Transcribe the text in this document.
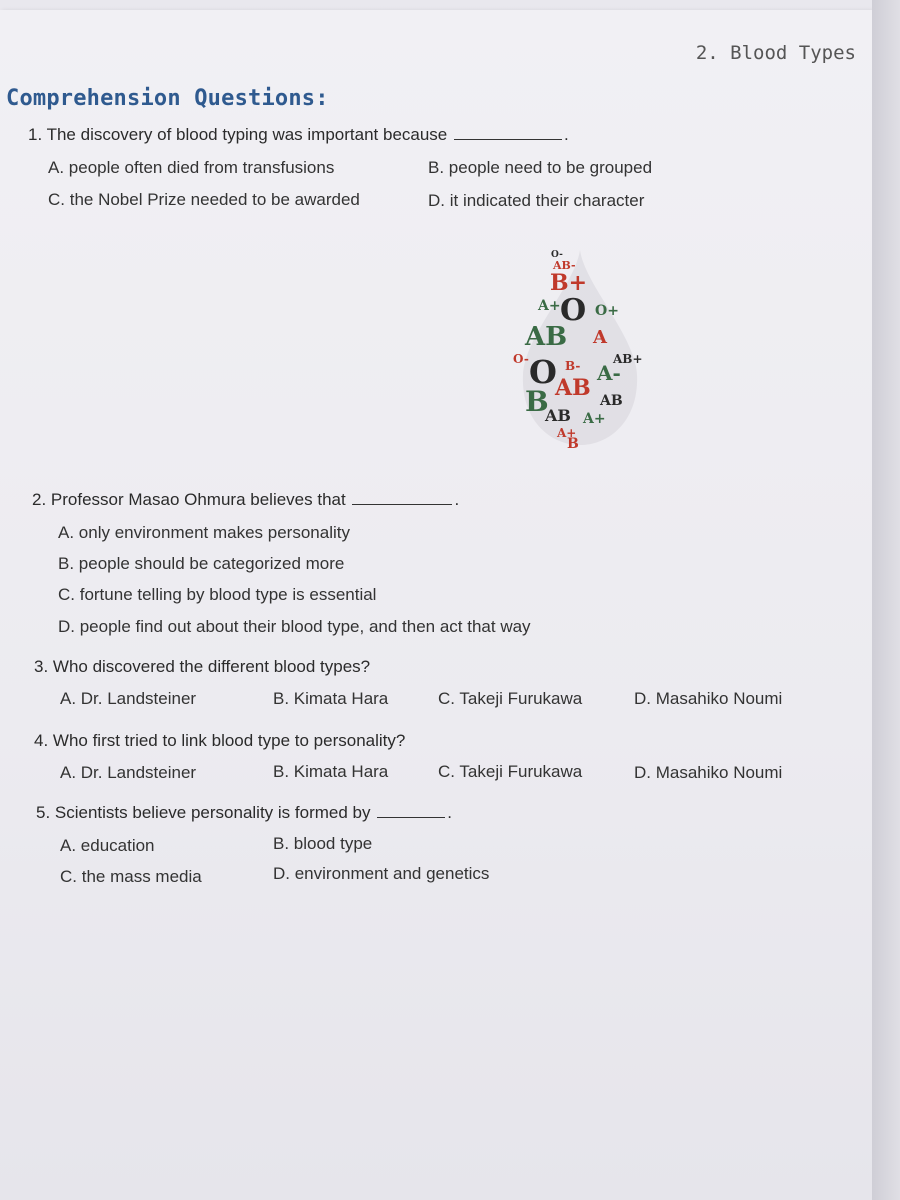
2. Blood Types
Comprehension Questions:
1. The discovery of blood typing was important because	.
A. people often died from transfusions	B. people need to be grouped
C. the Nobel Prize needed to be awarded	D. it indicated their character
O-
AB-
B+
A+ O O+
AB A
O- O B-	AB+
A-
B AB AB
AB A+
A+
B
2. Professor Masao Ohmura believes that	.
A. only environment makes personality
B. people should be categorized more
C. fortune telling by blood type is essential
D. people find out about their blood type, and then act that way
3. Who discovered the different blood types?
A. Dr. Landsteiner	B. Kimata Hara	C. Takeji Furukawa	D. Masahiko Noumi
4. Who first tried to link blood type to personality?
A. Dr. Landsteiner	B. Kimata Hara	C. Takeji Furukawa	D. Masahiko Noumi
5. Scientists believe personality is formed by	.
A. education	B. blood type
C. the mass media	D. environment and genetics
